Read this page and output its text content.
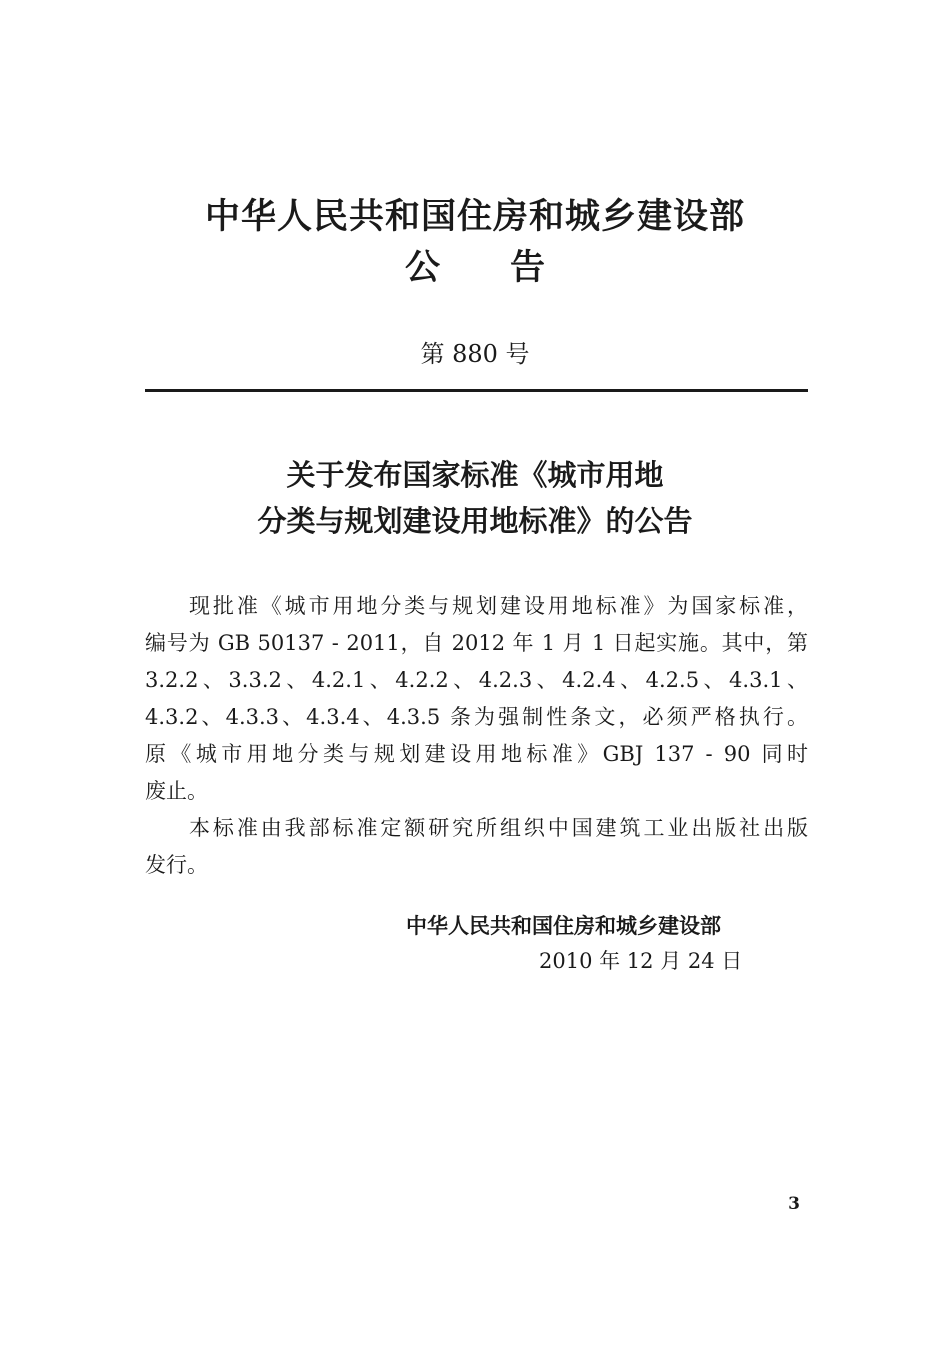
中华人民共和国住房和城乡建设部
公告

第 880 号

关于发布国家标准《城市用地
分类与规划建设用地标准》的公告

现批准《城市用地分类与规划建设用地标准》为国家标准，
编号为 GB 50137 - 2011，自 2012 年 1 月 1 日起实施。其中，第
3.2.2、3.3.2、4.2.1、4.2.2、4.2.3、4.2.4、4.2.5、4.3.1、
4.3.2、4.3.3、4.3.4、4.3.5 条为强制性条文，必须严格执行。
原《城市用地分类与规划建设用地标准》GBJ 137 - 90 同时
废止。

本标准由我部标准定额研究所组织中国建筑工业出版社出版
发行。

中华人民共和国住房和城乡建设部

2010 年 12 月 24 日

3
